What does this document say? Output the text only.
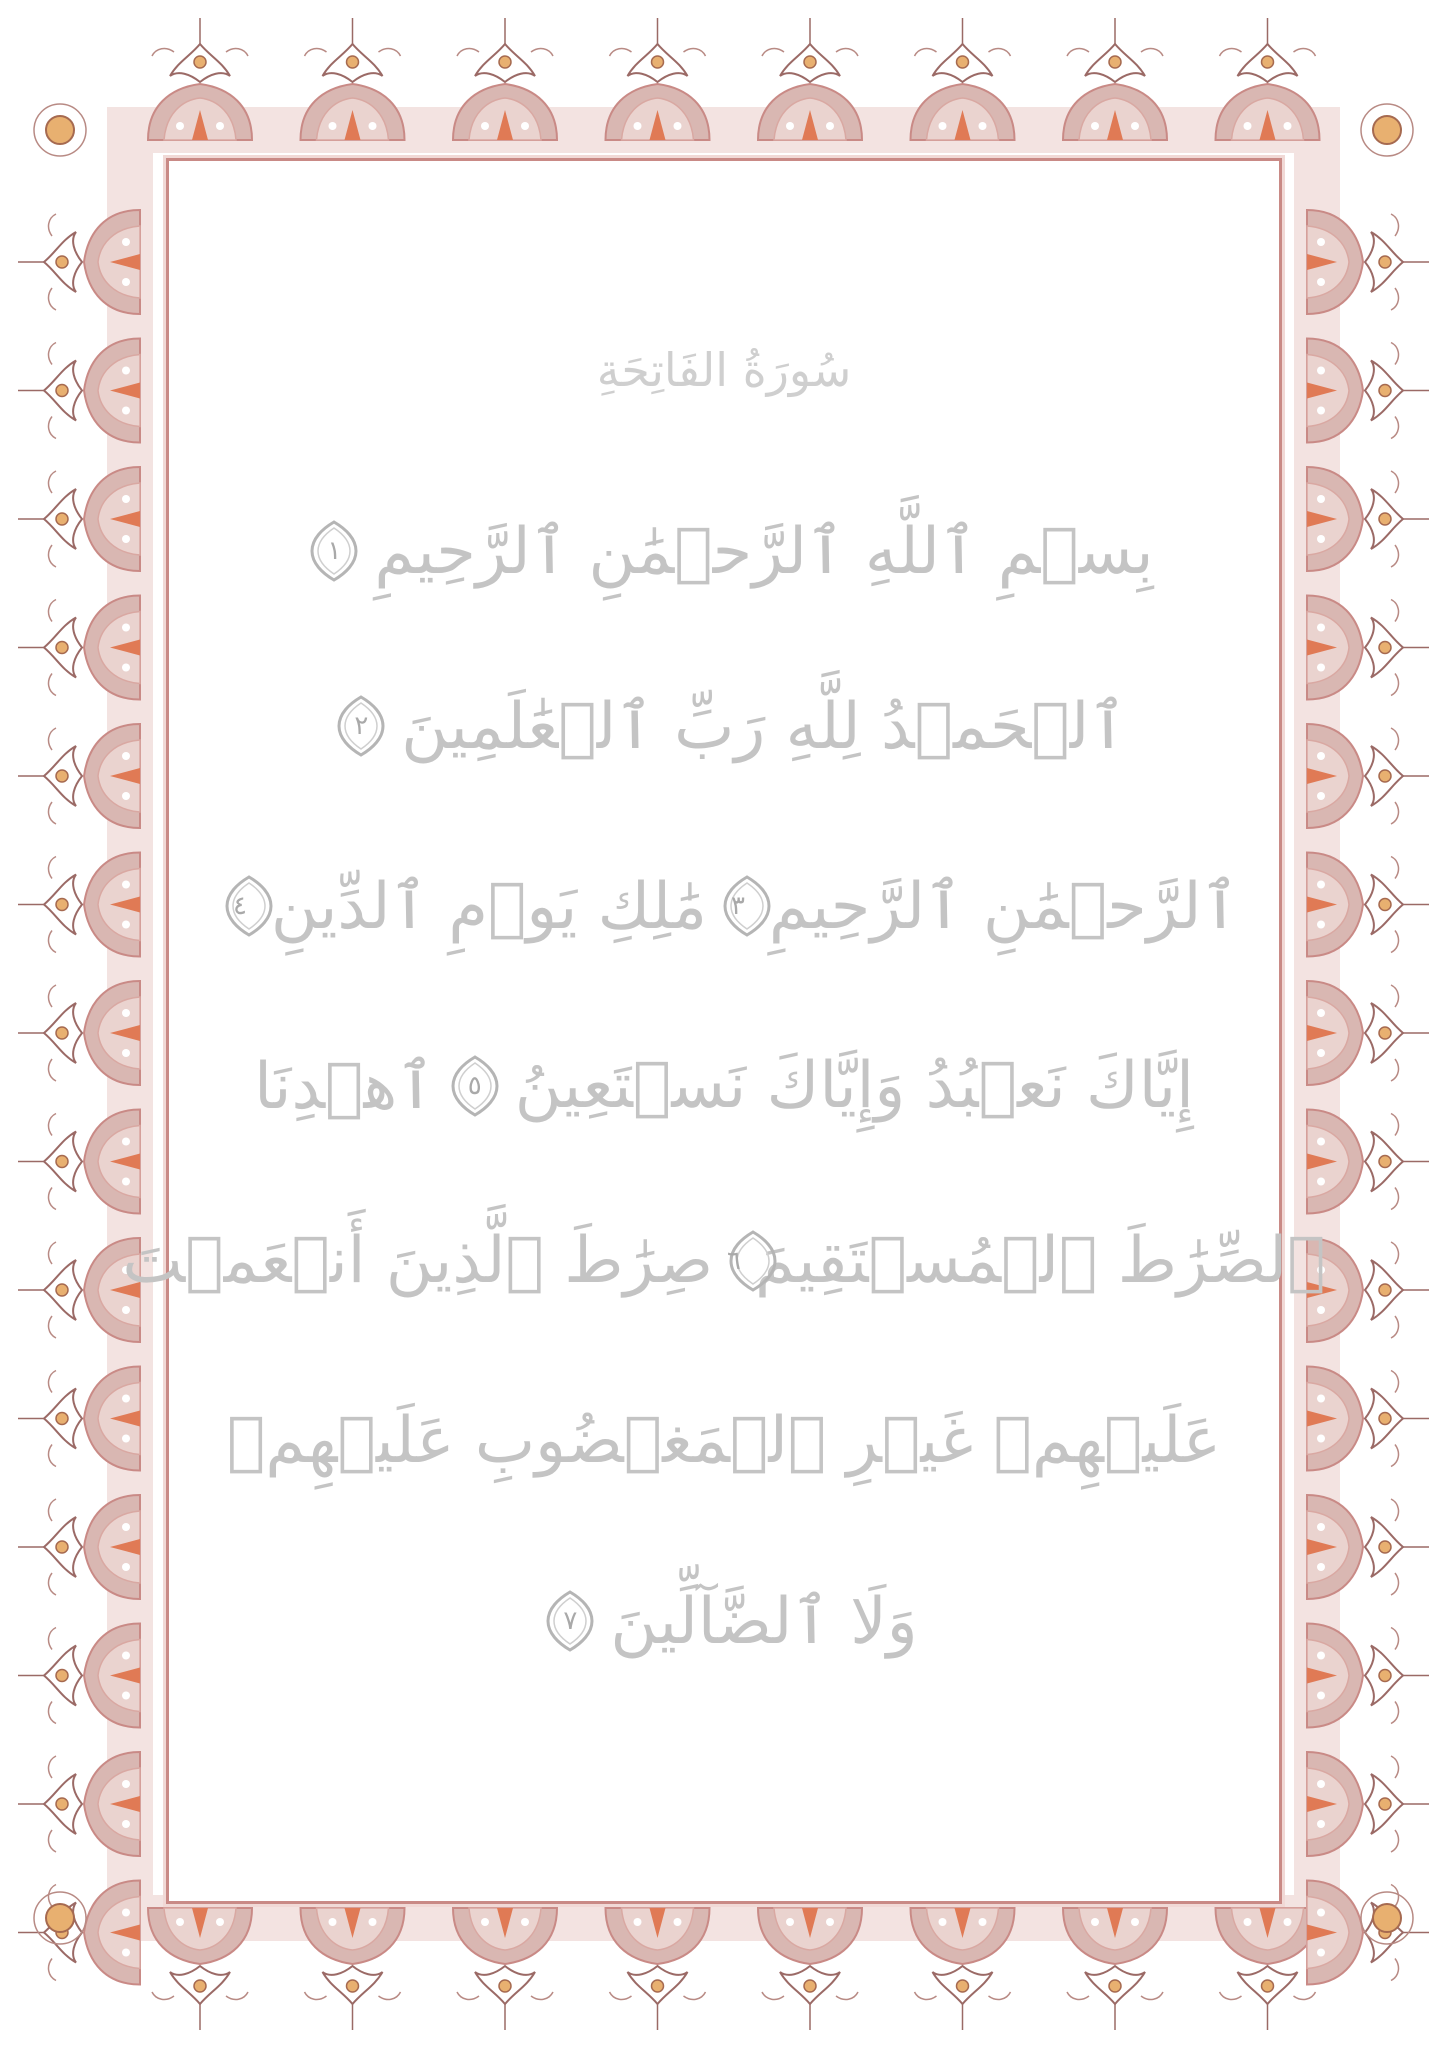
سُورَةُ الفَاتِحَةِ
بِسۡمِ ٱللَّهِ ٱلرَّحۡمَٰنِ ٱلرَّحِيمِ
١
ٱلۡحَمۡدُ لِلَّهِ رَبِّ ٱلۡعَٰلَمِينَ
٢
ٱلرَّحۡمَٰنِ ٱلرَّحِيمِ
٣
مَٰلِكِ يَوۡمِ ٱلدِّينِ
٤
إِيَّاكَ نَعۡبُدُ وَإِيَّاكَ نَسۡتَعِينُ
٥
ٱهۡدِنَا
ٱلصِّرَٰطَ ٱلۡمُسۡتَقِيمَ
٦
صِرَٰطَ ٱلَّذِينَ أَنۡعَمۡتَ
عَلَيۡهِمۡ غَيۡرِ ٱلۡمَغۡضُوبِ عَلَيۡهِمۡ
وَلَا ٱلضَّآلِّينَ
٧
